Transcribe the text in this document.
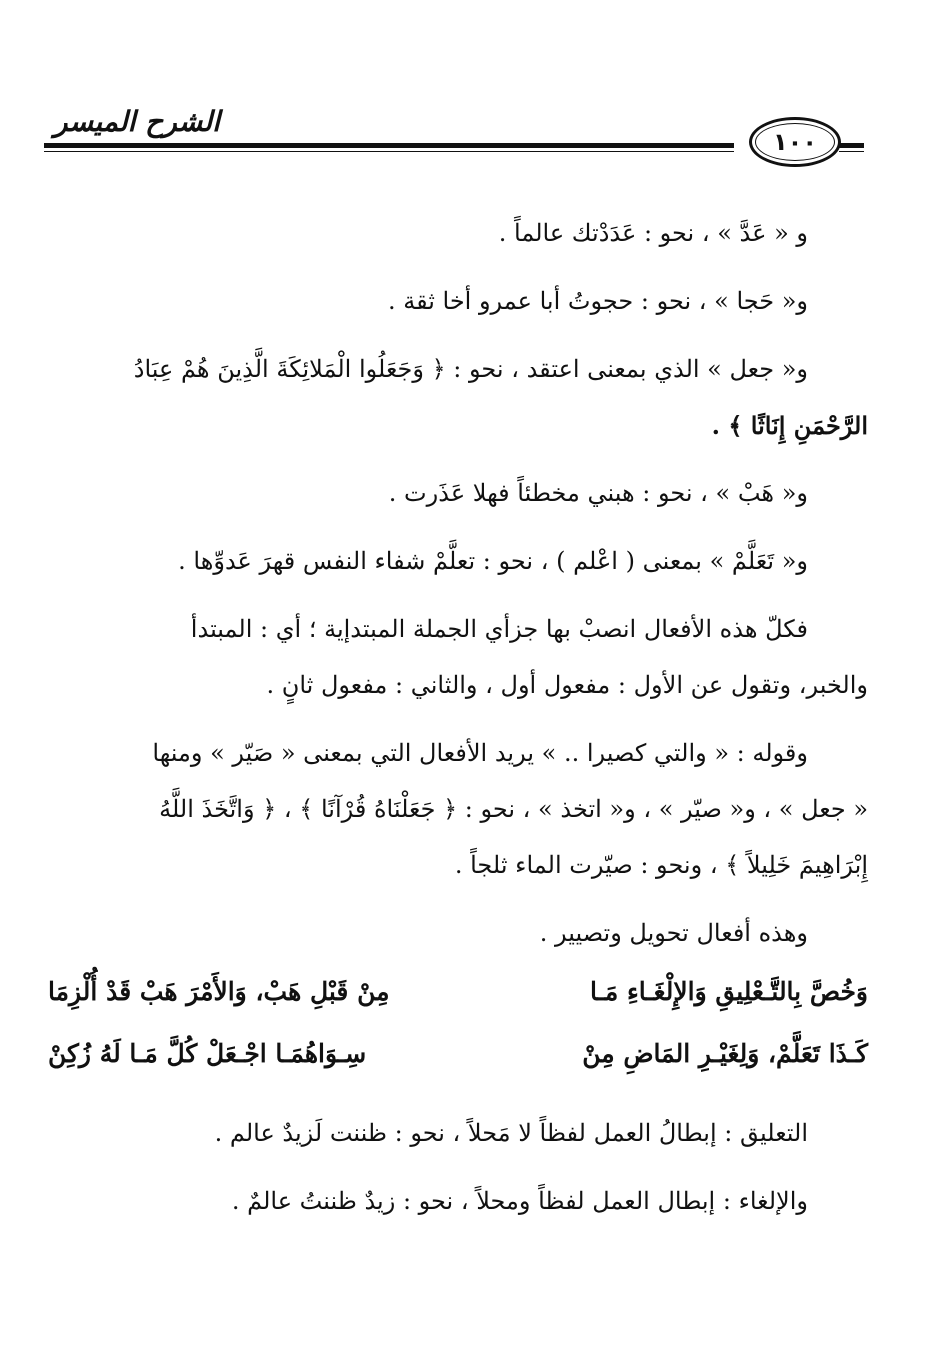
الشرح الميسر
١٠٠
و « عَدَّ » ، نحو : عَدَدْتك عالماً .
و« حَجا » ، نحو : حجوتُ أبا عمرو أخا ثقة .
و« جعل » الذي بمعنى اعتقد ، نحو : ﴿ وَجَعَلُوا الْمَلائِكَةَ الَّذِينَ هُمْ عِبَادُ
الرَّحْمَنِ إِنَاثًا ﴾ .
و« هَبْ » ، نحو : هبني مخطئاً فهلا عَذَرت .
و« تَعَلَّمْ » بمعنى ( اعْلم ) ، نحو : تعلَّمْ شفاء النفس قهرَ عَدوِّها .
فكلّ هذه الأفعال انصبْ بها جزأي الجملة المبتدإية ؛ أي : المبتدأ
والخبر، وتقول عن الأول : مفعول أول ، والثاني : مفعول ثانٍ .
وقوله : « والتي كصيرا .. » يريد الأفعال التي بمعنى « صَيّر » ومنها
« جعل » ، و« صيّر » ، و« اتخذ » ، نحو : ﴿ جَعَلْنَاهُ قُرْآنًا ﴾ ، ﴿ وَاتَّخَذَ اللَّهُ
إِبْرَاهِيمَ خَلِيلاً ﴾ ، ونحو : صيّرت الماء ثلجاً .
وهذه أفعال تحويل وتصيير .
وَخُصَّ بِالتَّـعْلِيقِ وَالإِلْغَـاءِ مَـا
مِنْ قَبْلِ هَبْ، وَالأَمْرَ هَبْ قَدْ أُلْزِمَا
كَـذَا تَعَلَّمْ، وَلِغَيْـرِ المَاضِ مِنْ
سِـوَاهُمَـا اجْـعَلْ كُلَّ مَـا لَهُ زُكِنْ
التعليق : إبطالُ العمل لفظاً لا مَحلاً ، نحو : ظننت لَزيدٌ عالم .
والإلغاء : إبطال العمل لفظاً ومحلاً ، نحو : زيدٌ ظننتُ عالمٌ .
